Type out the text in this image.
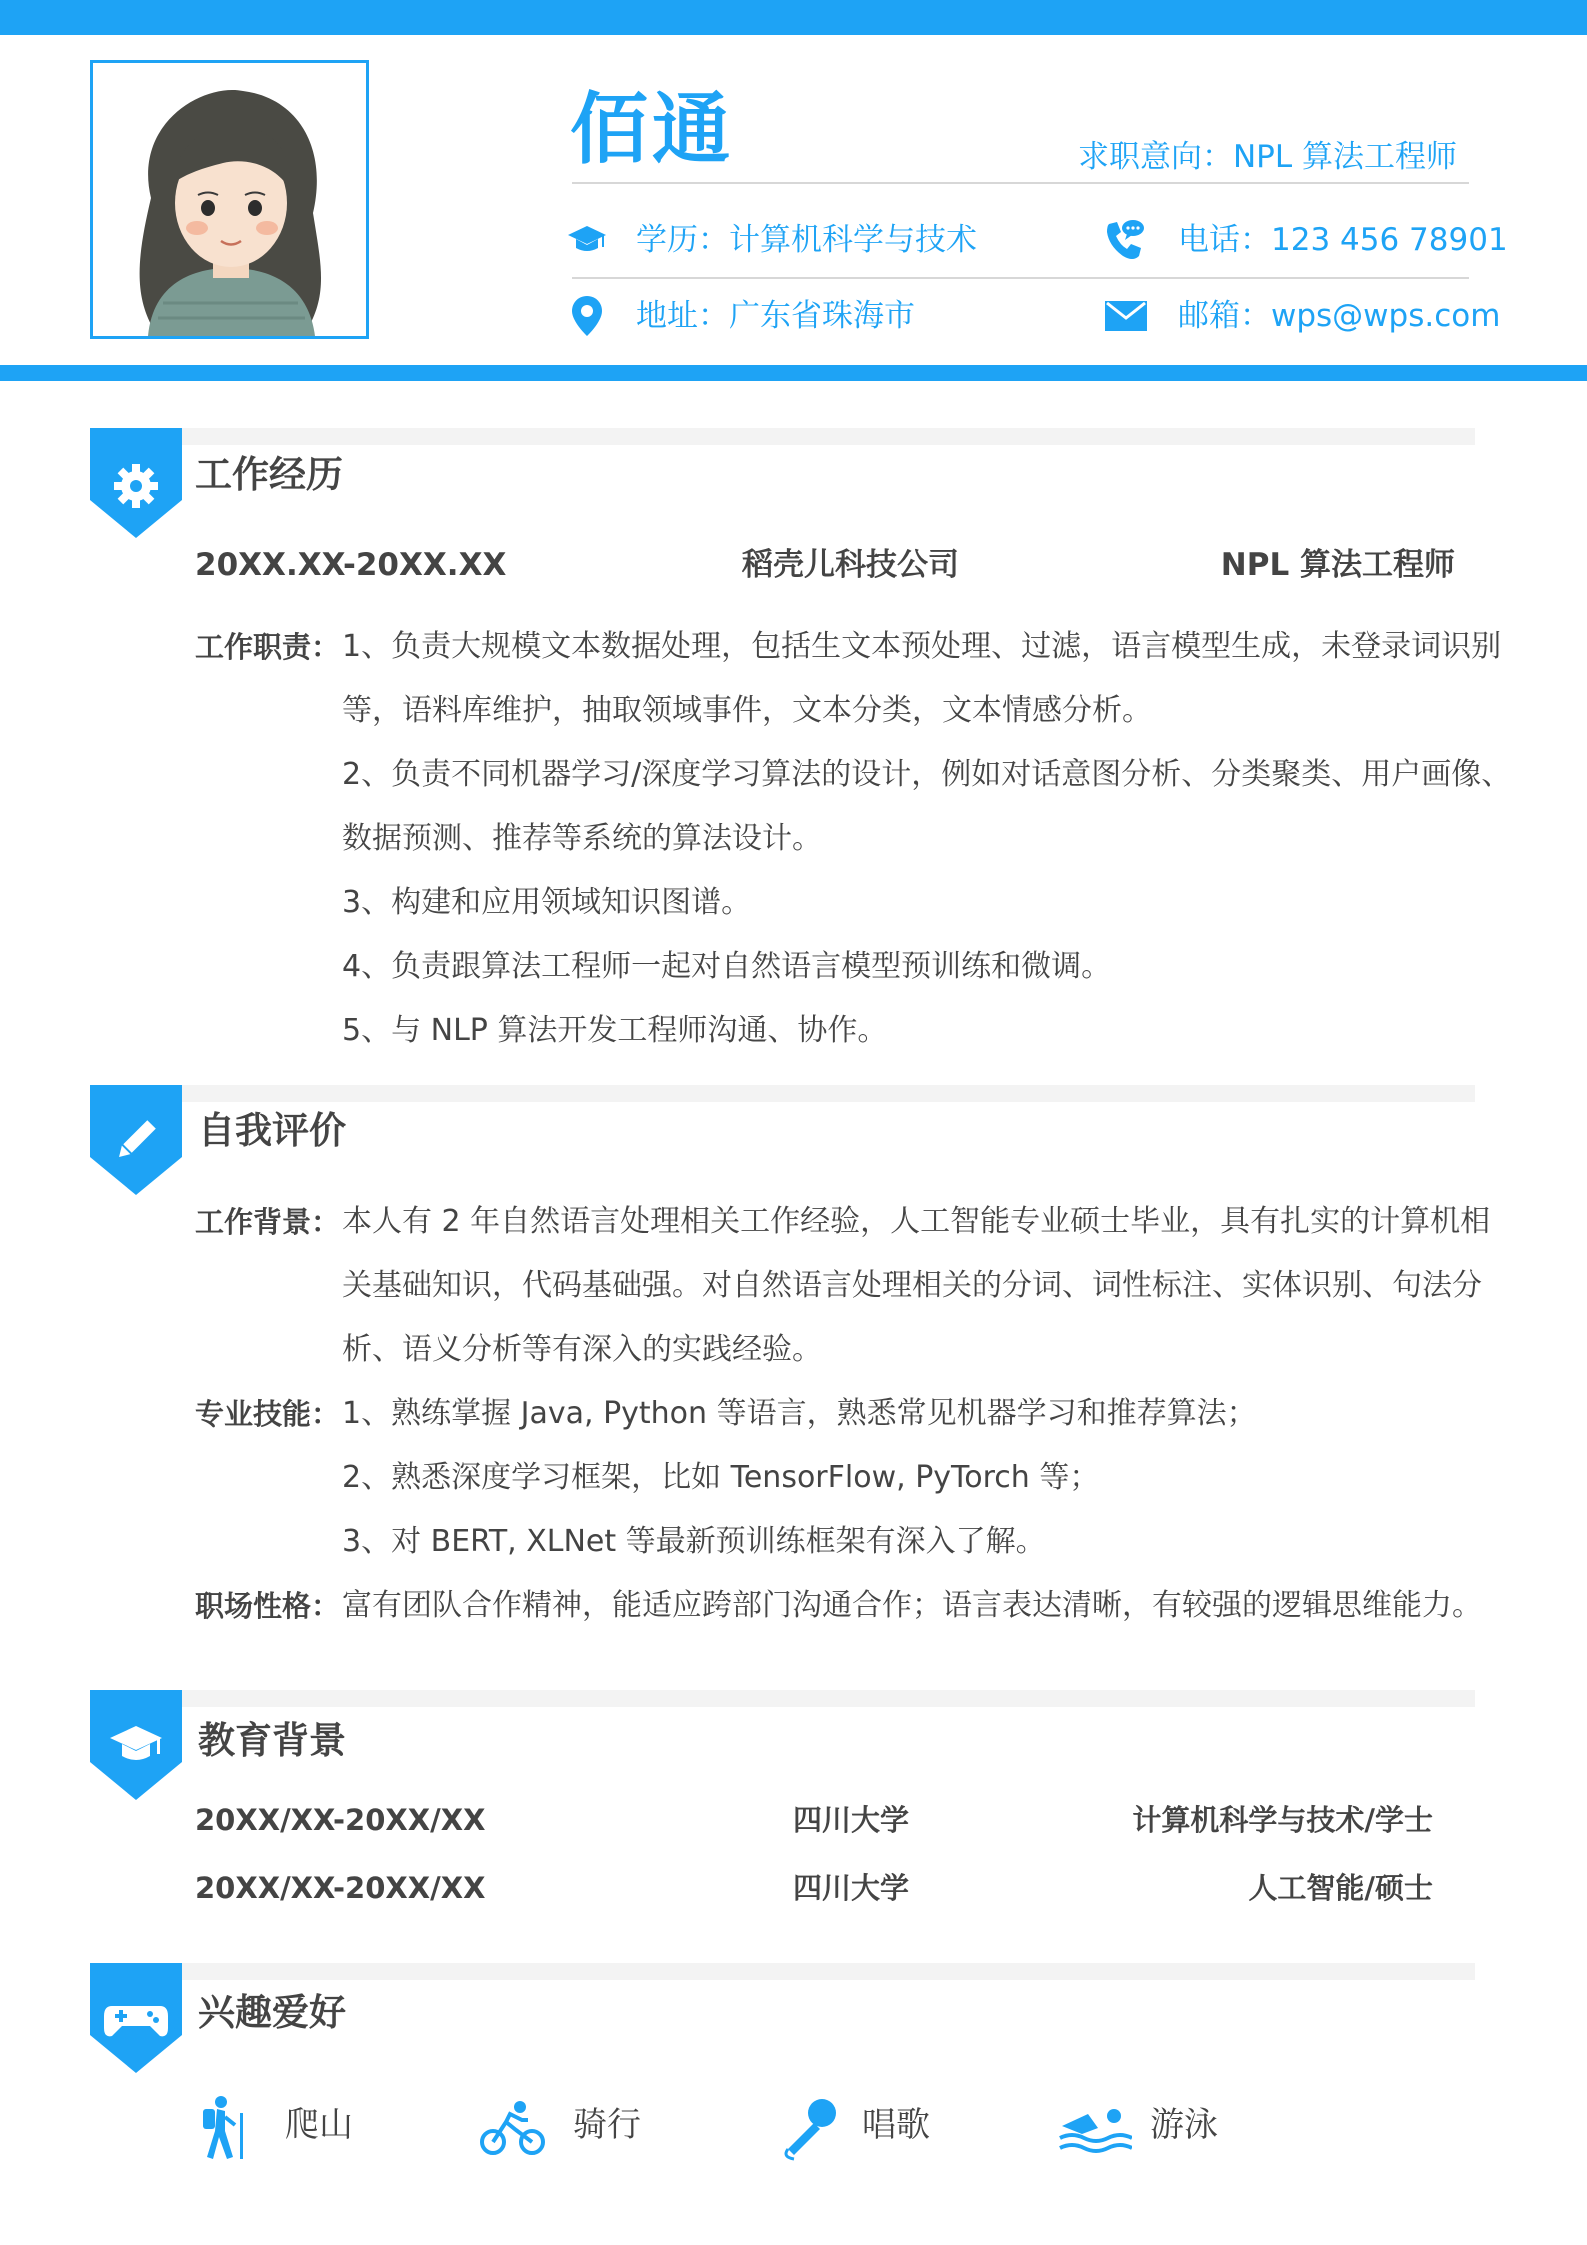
佰通	求职意向：NPL 算法工程师
学历：计算机科学与技术	电话：123 456 78901
地址：广东省珠海市	邮箱：wps@wps.com
工作经历
20XX.XX-20XX.XX	稻壳儿科技公司	NPL 算法工程师
工作职责： 1、负责大规模文本数据处理，包括生文本预处理、过滤，语言模型生成，未登录词识别
等，语料库维护，抽取领域事件，文本分类，文本情感分析。
2、负责不同机器学习/深度学习算法的设计，例如对话意图分析、分类聚类、用户画像、
数据预测、推荐等系统的算法设计。
3、构建和应用领域知识图谱。
4、负责跟算法工程师一起对自然语言模型预训练和微调。
5、与 NLP 算法开发工程师沟通、协作。
自我评价
工作背景： 本人有 2 年自然语言处理相关工作经验，人工智能专业硕士毕业，具有扎实的计算机相
关基础知识，代码基础强。对自然语言处理相关的分词、词性标注、实体识别、句法分
析、语义分析等有深入的实践经验。
专业技能： 1、熟练掌握 Java, Python 等语言，熟悉常见机器学习和推荐算法；
2、熟悉深度学习框架，比如 TensorFlow, PyTorch 等；
3、对 BERT, XLNet 等最新预训练框架有深入了解。
职场性格： 富有团队合作精神，能适应跨部门沟通合作；语言表达清晰，有较强的逻辑思维能力。
教育背景
20XX/XX-20XX/XX	四川大学	计算机科学与技术/学士
20XX/XX-20XX/XX	四川大学	人工智能/硕士
兴趣爱好
爬山	骑行	唱歌	游泳
